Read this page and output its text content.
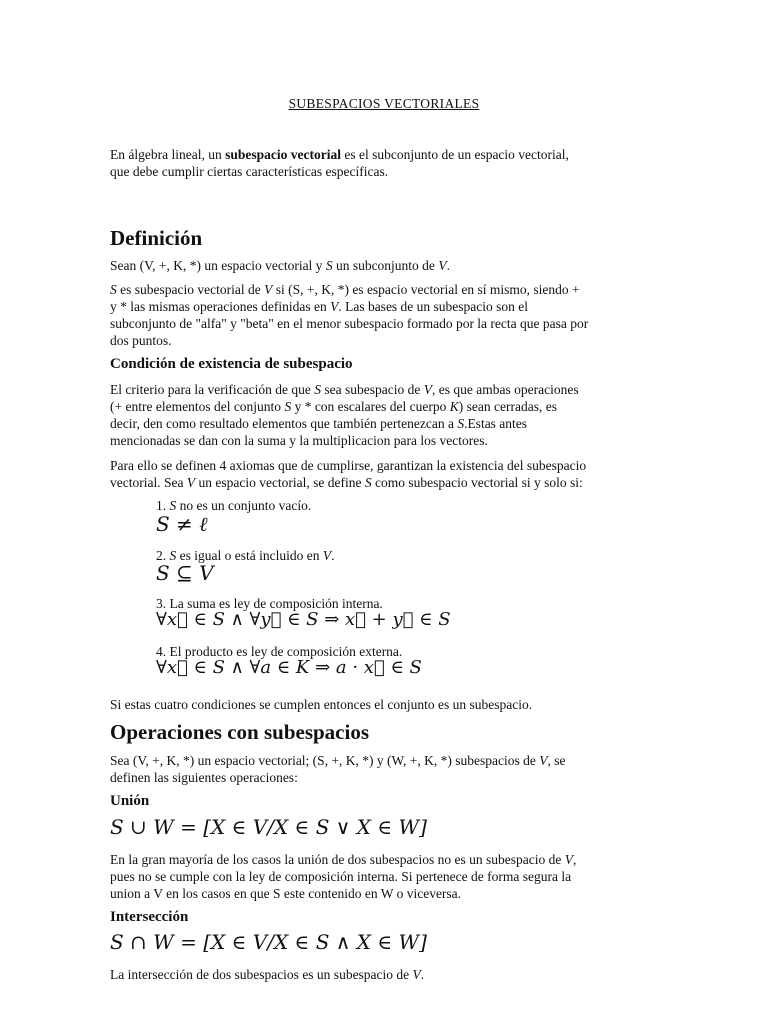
SUBESPACIOS VECTORIALES
En álgebra lineal, un subespacio vectorial es el subconjunto de un espacio vectorial,
que debe cumplir ciertas características específicas.
Definición
Sean (V, +, K, *) un espacio vectorial y S un subconjunto de V.
S es subespacio vectorial de V si (S, +, K, *) es espacio vectorial en sí mismo, siendo +
y * las mismas operaciones definidas en V. Las bases de un subespacio son el
subconjunto de "alfa" y "beta" en el menor subespacio formado por la recta que pasa por
dos puntos.
Condición de existencia de subespacio
El criterio para la verificación de que S sea subespacio de V, es que ambas operaciones
(+ entre elementos del conjunto S y * con escalares del cuerpo K) sean cerradas, es
decir, den como resultado elementos que también pertenezcan a S.Estas antes
mencionadas se dan con la suma y la multiplicacion para los vectores.
Para ello se definen 4 axiomas que de cumplirse, garantizan la existencia del subespacio
vectorial. Sea V un espacio vectorial, se define S como subespacio vectorial si y solo si:
1. S no es un conjunto vacío.
S ≠ ℓ
2. S es igual o está incluido en V.
S ⊆ V
3. La suma es ley de composición interna.
∀x⃗ ∈ S ∧ ∀y⃗ ∈ S ⇒ x⃗ + y⃗ ∈ S
4. El producto es ley de composición externa.
∀x⃗ ∈ S ∧ ∀a ∈ K ⇒ a · x⃗ ∈ S
Si estas cuatro condiciones se cumplen entonces el conjunto es un subespacio.
Operaciones con subespacios
Sea (V, +, K, *) un espacio vectorial; (S, +, K, *) y (W, +, K, *) subespacios de V, se
definen las siguientes operaciones:
Unión
S ∪ W = [X ∈ V/X ∈ S ∨ X ∈ W]
En la gran mayoría de los casos la unión de dos subespacios no es un subespacio de V,
pues no se cumple con la ley de composición interna. Si pertenece de forma segura la
union a V en los casos en que S este contenido en W o viceversa.
Intersección
S ∩ W = [X ∈ V/X ∈ S ∧ X ∈ W]
La intersección de dos subespacios es un subespacio de V.
